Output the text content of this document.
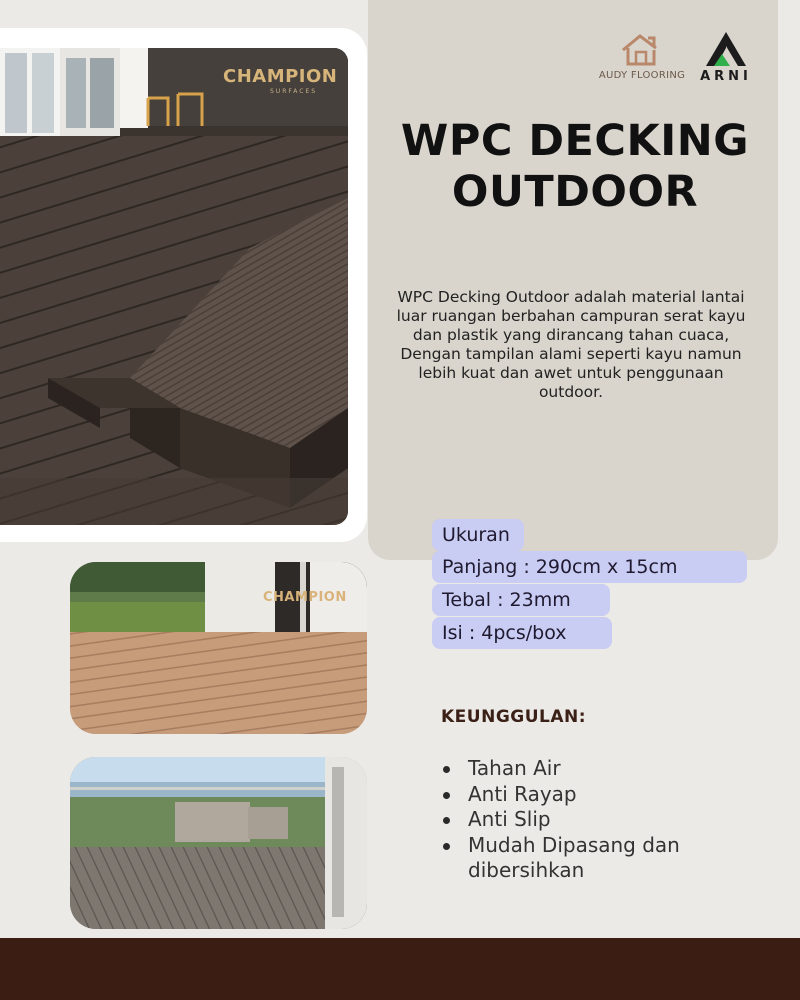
CHAMPION
SURFACES
AUDY FLOORING	ARNI
WPC DECKING
OUTDOOR

WPC Decking Outdoor adalah material lantai luar ruangan berbahan campuran serat kayu dan plastik yang dirancang tahan cuaca, Dengan tampilan alami seperti kayu namun lebih kuat dan awet untuk penggunaan outdoor.

Ukuran
Panjang : 290cm x 15cm
Tebal : 23mm
Isi : 4pcs/box
KEUNGGULAN:
Tahan Air
Anti Rayap
Anti Slip
Mudah Dipasang dan dibersihkan
CHAMPION
